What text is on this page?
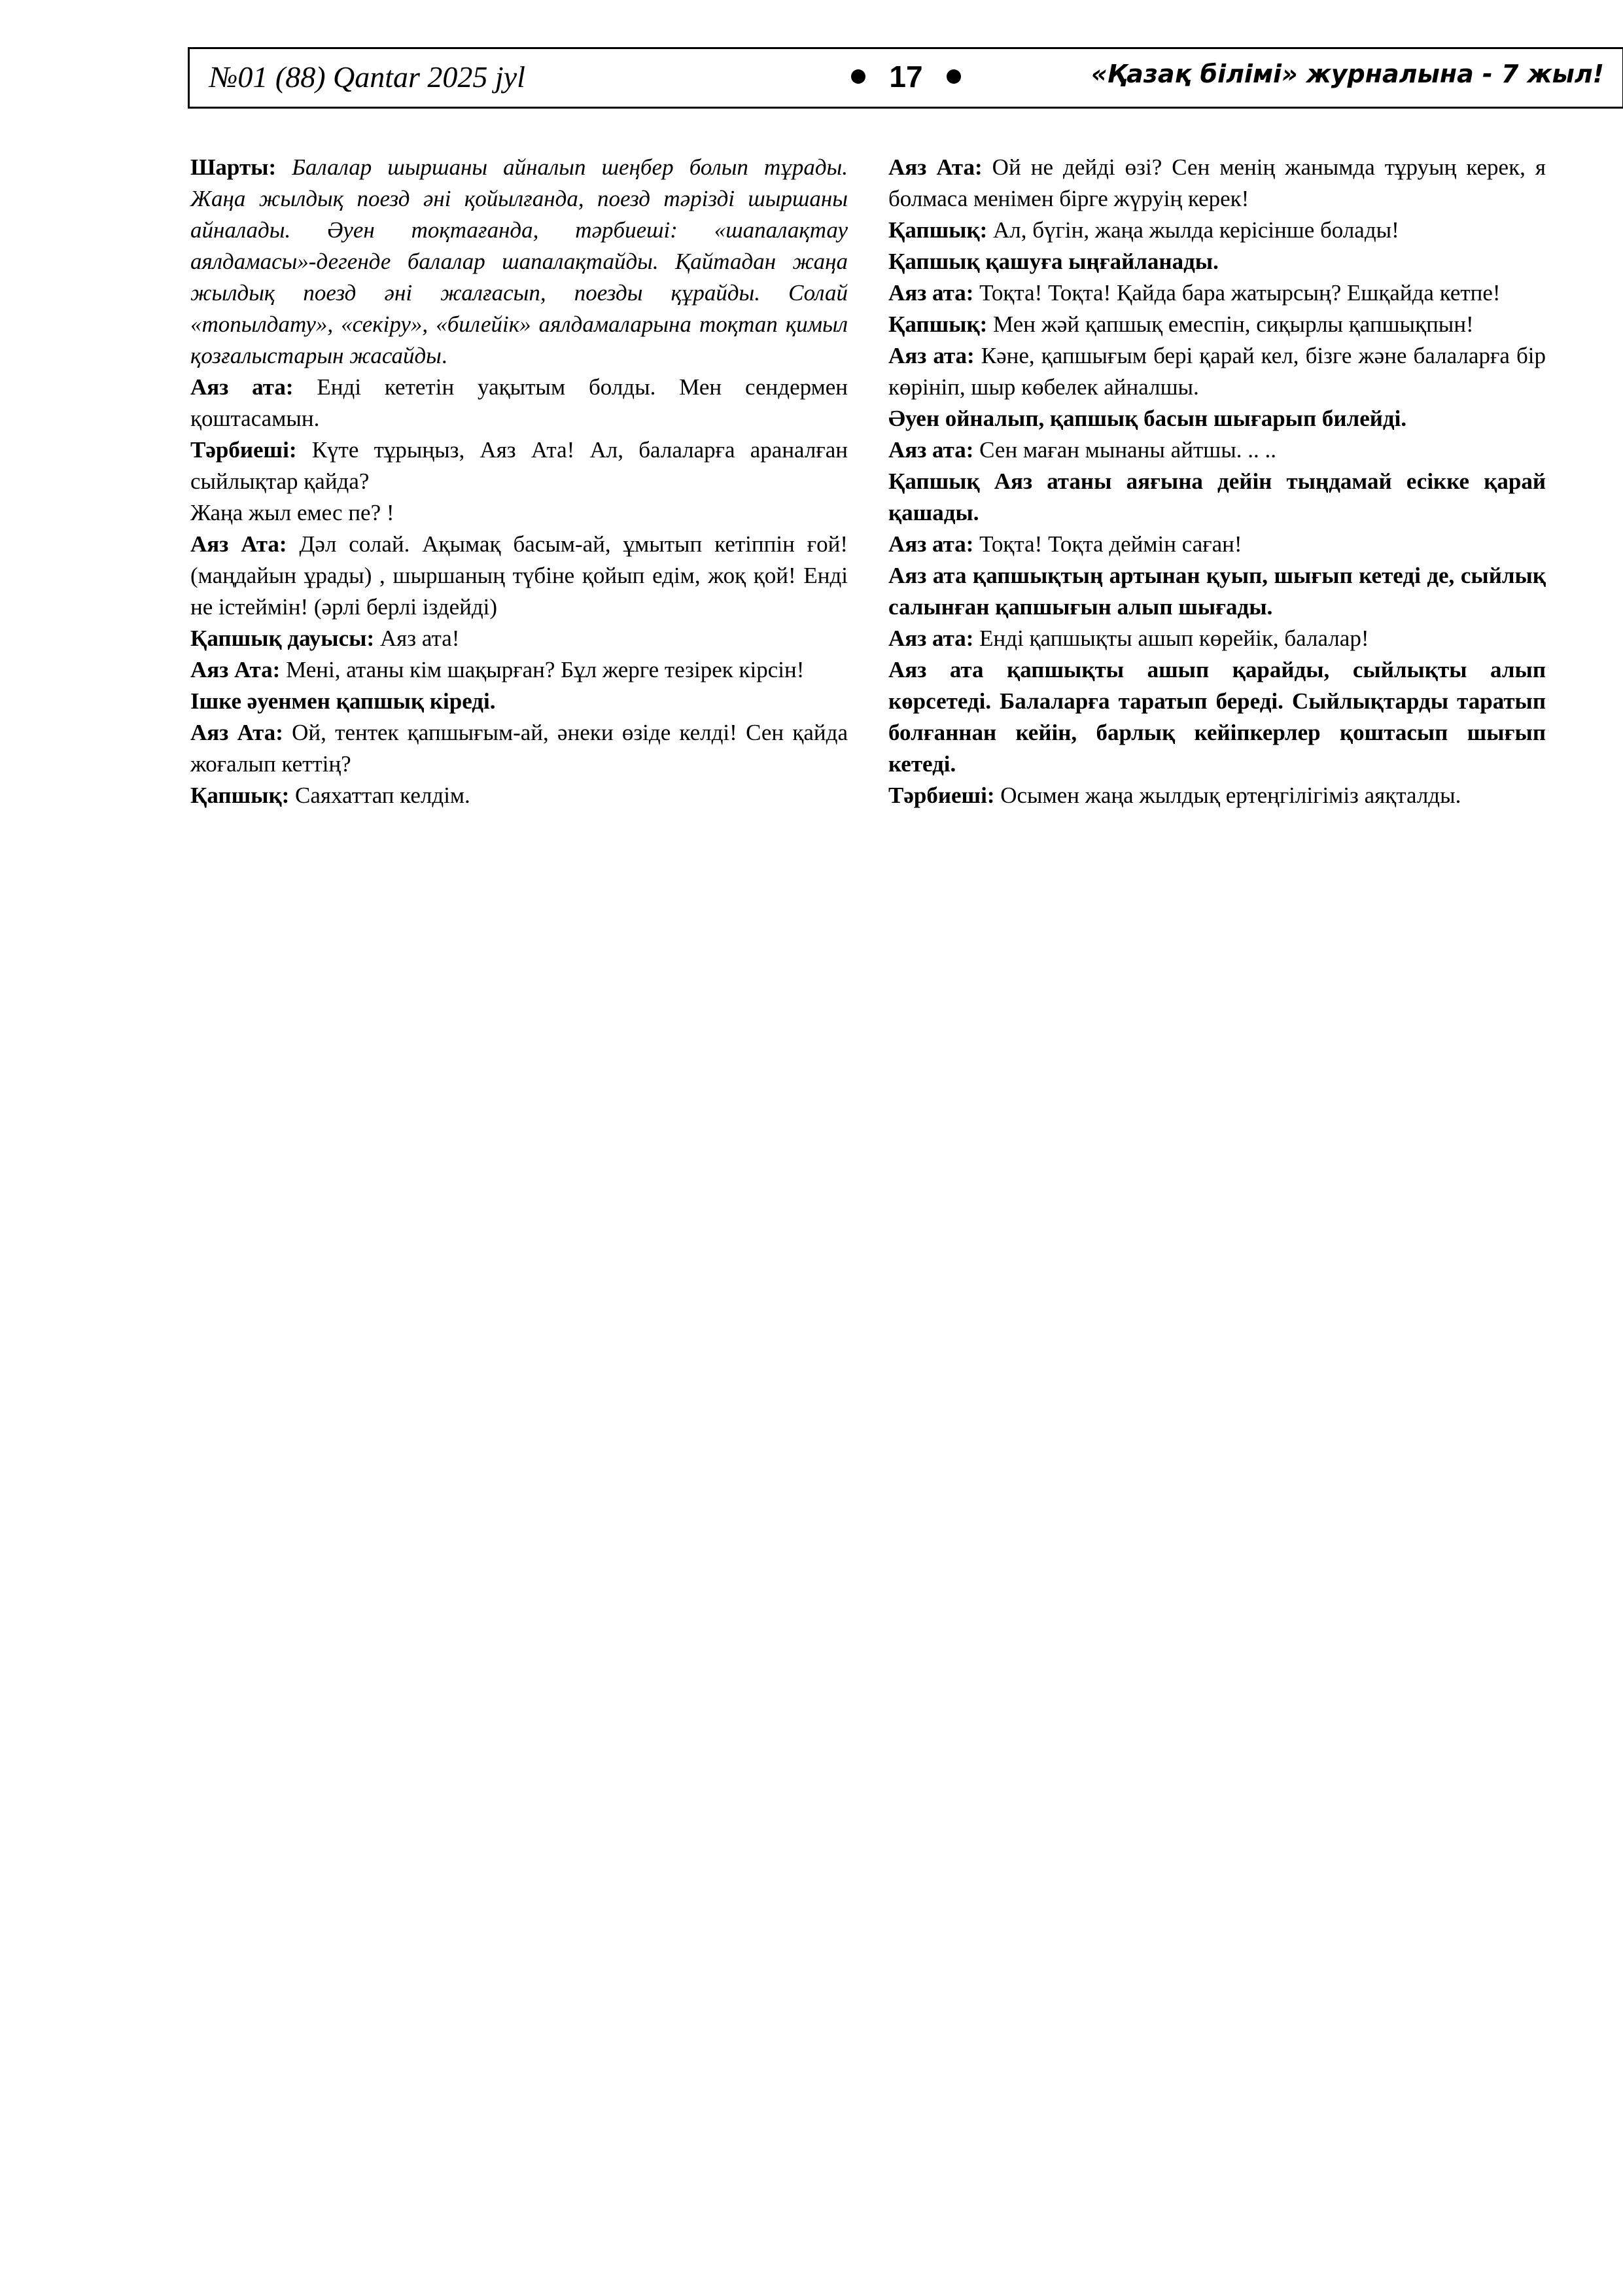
№01 (88) Qantar 2025 jyl	17	«Қазақ білімі» журналына - 7 жыл!

Шарты: Балалар шыршаны айналып шеңбер болып тұрады. Жаңа жылдық поезд әні қойылғанда, поезд тәрізді шыршаны айналады. Әуен тоқтағанда, тәрбиеші: «шапалақтау аялдамасы»-дегенде балалар шапалақтайды. Қайтадан жаңа жылдық поезд әні жалғасып, поезды құрайды. Солай «топылдату», «секіру», «билейік» аялдамаларына тоқтап қимыл қозғалыстарын жасайды.

Аяз ата: Енді кететін уақытым болды. Мен сендермен қоштасамын.

Тәрбиеші: Күте тұрыңыз, Аяз Ата! Ал, балаларға араналған сыйлықтар қайда?

Жаңа жыл емес пе? !

Аяз Ата: Дәл солай. Ақымақ басым-ай, ұмытып кетіппін ғой! (маңдайын ұрады) , шыршаның түбіне қойып едім, жоқ қой! Енді не істеймін! (әрлі берлі іздейді)

Қапшық дауысы: Аяз ата!

Аяз Ата: Мені, атаны кім шақырған? Бұл жерге тезірек кірсін!

Ішке әуенмен қапшық кіреді.

Аяз Ата: Ой, тентек қапшығым-ай, әнеки өзіде келді! Сен қайда жоғалып кеттің?

Қапшық: Саяхаттап келдім.

Аяз Ата: Ой не дейді өзі? Сен менің жанымда тұруың керек, я болмаса менімен бірге жүруің керек!

Қапшық: Ал, бүгін, жаңа жылда керісінше болады!

Қапшық қашуға ыңғайланады.

Аяз ата: Тоқта! Тоқта! Қайда бара жатырсың? Ешқайда кетпе!

Қапшық: Мен жәй қапшық емеспін, сиқырлы қапшықпын!

Аяз ата: Кәне, қапшығым бері қарай кел, бізге және балаларға бір көрініп, шыр көбелек айналшы.

Әуен ойналып, қапшық басын шығарып билейді.

Аяз ата: Сен маған мынаны айтшы. .. ..

Қапшық Аяз атаны аяғына дейін тыңдамай есікке қарай қашады.

Аяз ата: Тоқта! Тоқта деймін саған!

Аяз ата қапшықтың артынан қуып, шығып кетеді де, сыйлық салынған қапшығын алып шығады.

Аяз ата: Енді қапшықты ашып көрейік, балалар!

Аяз ата қапшықты ашып қарайды, сыйлықты алып көрсетеді. Балаларға таратып береді. Сыйлықтарды таратып болғаннан кейін, барлық кейіпкерлер қоштасып шығып кетеді.

Тәрбиеші: Осымен жаңа жылдық ертеңгілігіміз аяқталды.
